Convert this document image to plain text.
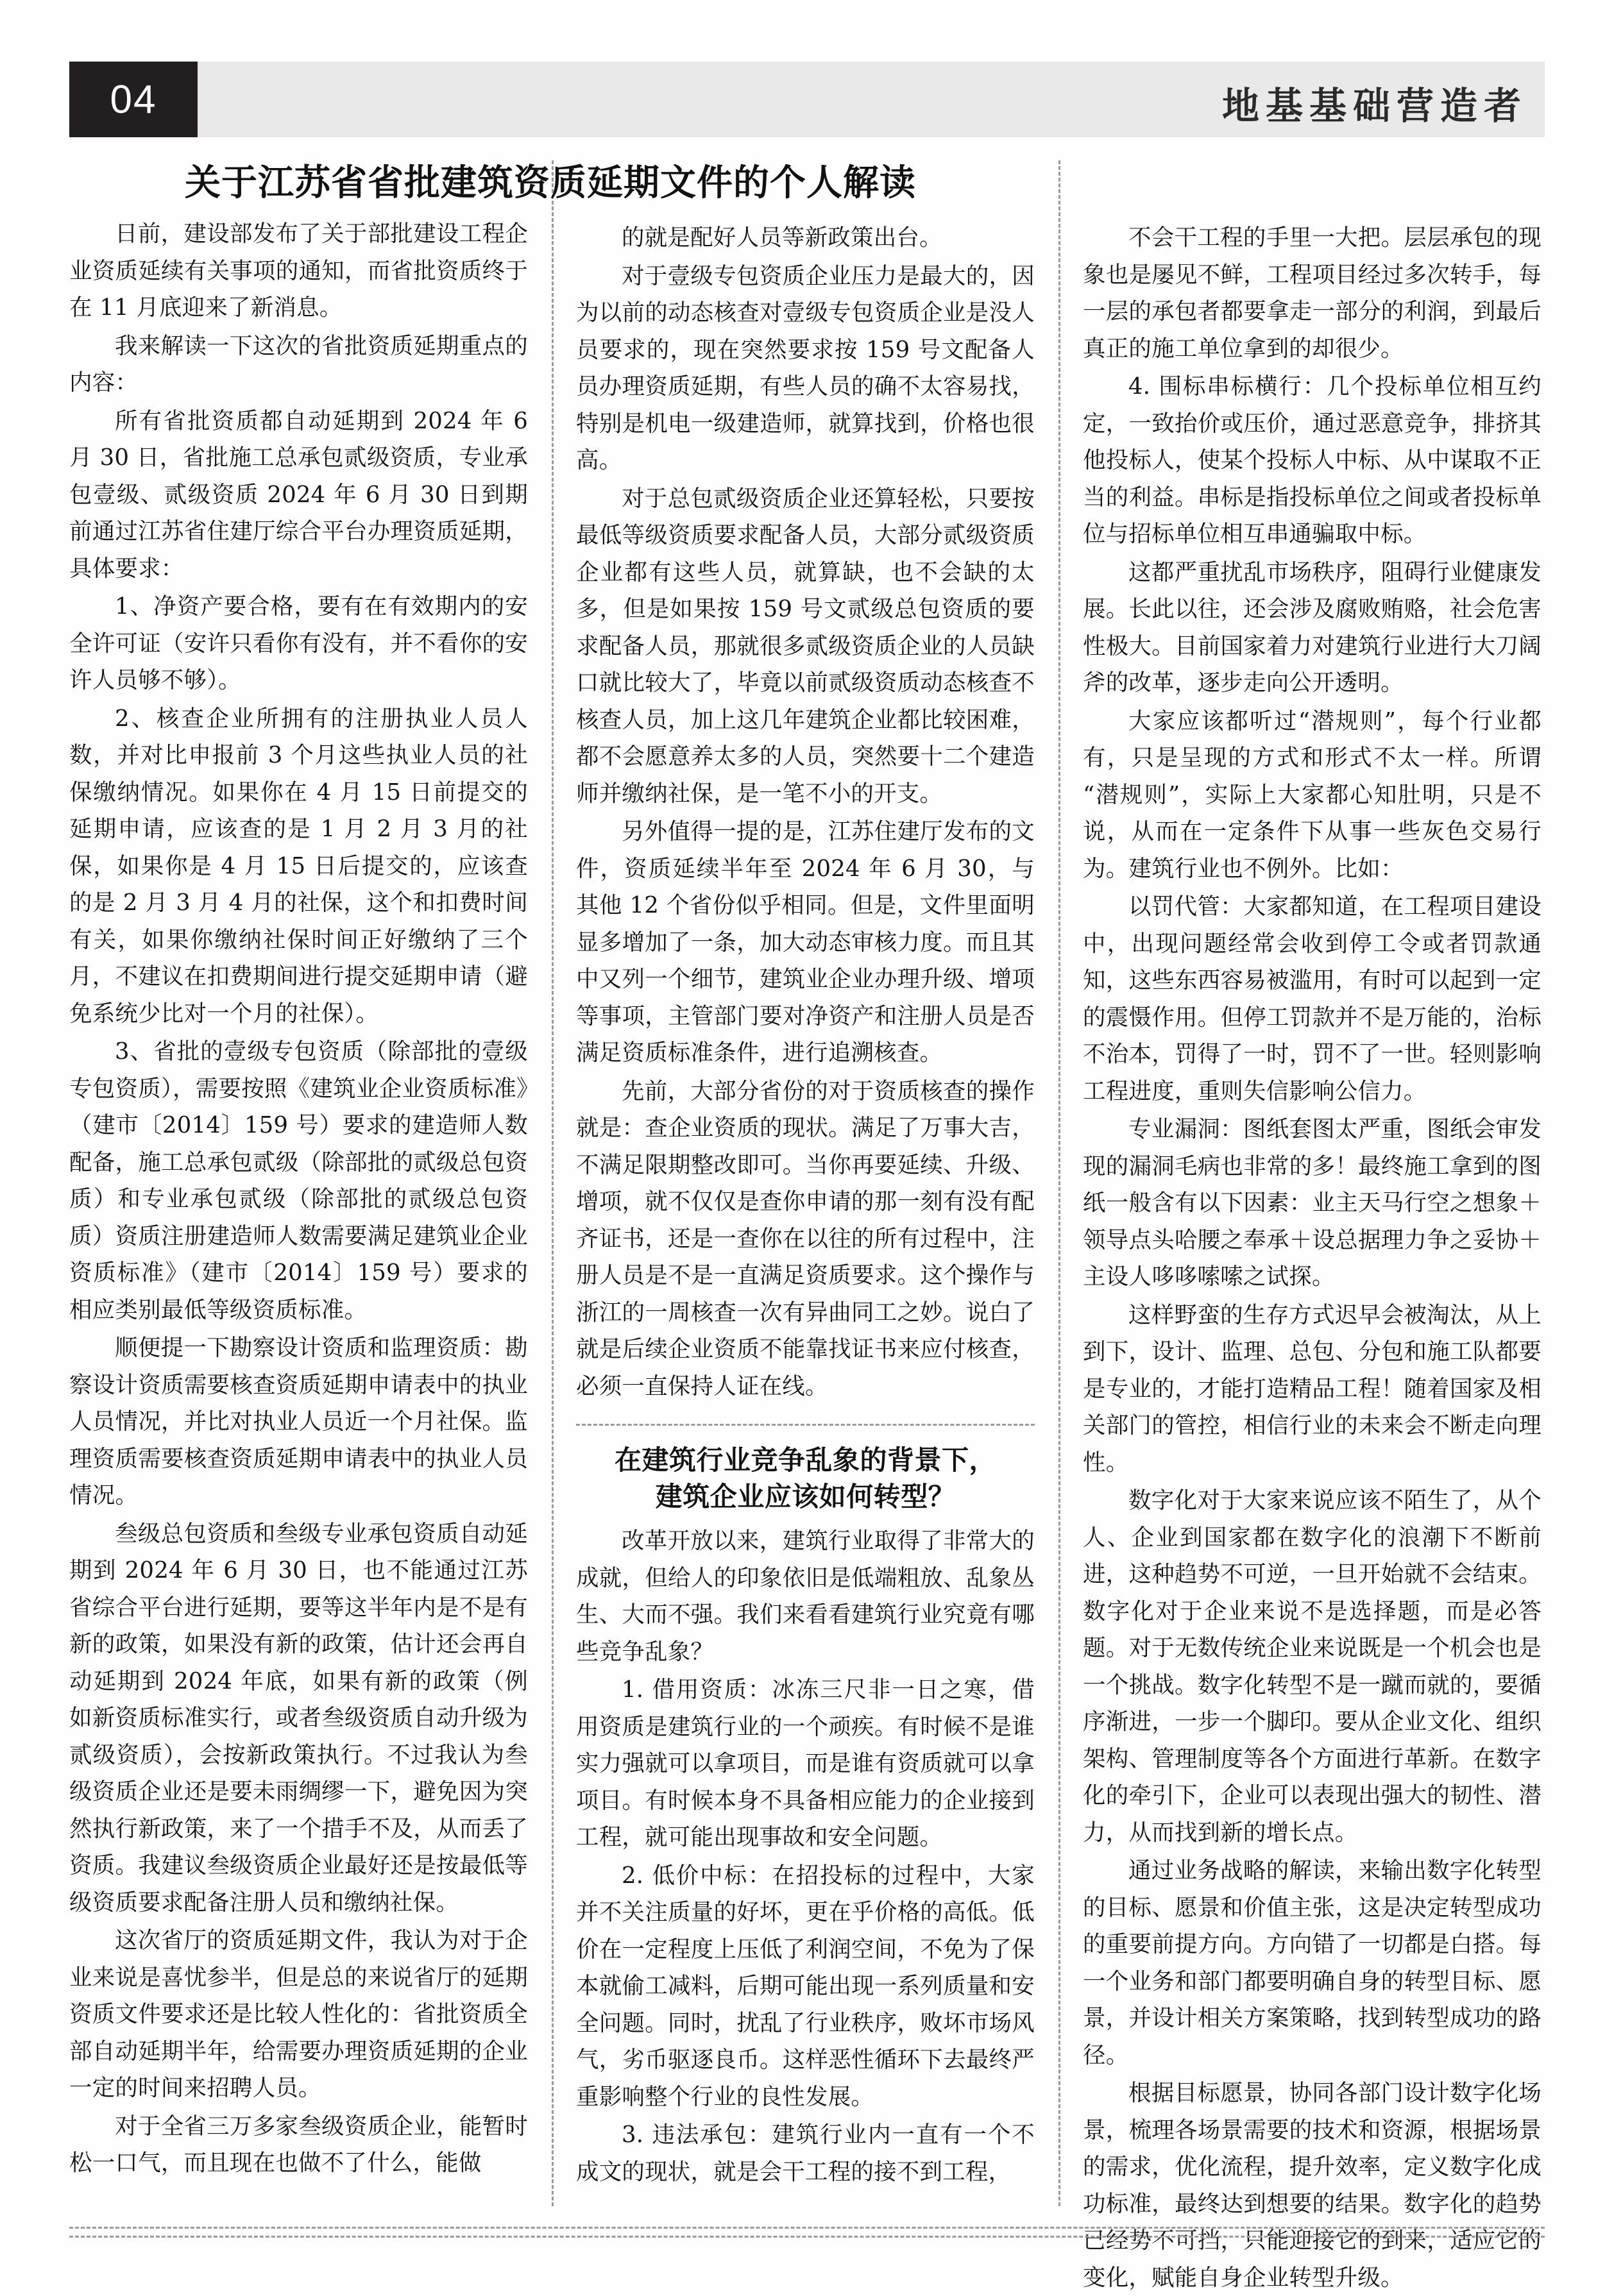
04	地基基础营造者
关于江苏省省批建筑资质延期文件的个人解读

日前，建设部发布了关于部批建设工程企业资质延续有关事项的通知，而省批资质终于在 11 月底迎来了新消息。

我来解读一下这次的省批资质延期重点的内容：

所有省批资质都自动延期到 2024 年 6 月 30 日，省批施工总承包贰级资质，专业承包壹级、贰级资质 2024 年 6 月 30 日到期前通过江苏省住建厅综合平台办理资质延期，具体要求：

1、净资产要合格，要有在有效期内的安全许可证（安许只看你有没有，并不看你的安许人员够不够）。

2、核查企业所拥有的注册执业人员人数，并对比申报前 3 个月这些执业人员的社保缴纳情况。如果你在 4 月 15 日前提交的延期申请，应该查的是 1 月 2 月 3 月的社保，如果你是 4 月 15 日后提交的，应该查的是 2 月 3 月 4 月的社保，这个和扣费时间有关，如果你缴纳社保时间正好缴纳了三个月，不建议在扣费期间进行提交延期申请（避免系统少比对一个月的社保）。

3、省批的壹级专包资质（除部批的壹级专包资质），需要按照《建筑业企业资质标准》（建市〔2014〕159 号）要求的建造师人数配备，施工总承包贰级（除部批的贰级总包资质）和专业承包贰级（除部批的贰级总包资质）资质注册建造师人数需要满足建筑业企业资质标准》（建市〔2014〕159 号）要求的相应类别最低等级资质标准。

顺便提一下勘察设计资质和监理资质：勘察设计资质需要核查资质延期申请表中的执业人员情况，并比对执业人员近一个月社保。监理资质需要核查资质延期申请表中的执业人员情况。

叁级总包资质和叁级专业承包资质自动延期到 2024 年 6 月 30 日，也不能通过江苏省综合平台进行延期，要等这半年内是不是有新的政策，如果没有新的政策，估计还会再自动延期到 2024 年底，如果有新的政策（例如新资质标准实行，或者叁级资质自动升级为贰级资质），会按新政策执行。不过我认为叁级资质企业还是要未雨绸缪一下，避免因为突然执行新政策，来了一个措手不及，从而丢了资质。我建议叁级资质企业最好还是按最低等级资质要求配备注册人员和缴纳社保。

这次省厅的资质延期文件，我认为对于企业来说是喜忧参半，但是总的来说省厅的延期资质文件要求还是比较人性化的：省批资质全部自动延期半年，给需要办理资质延期的企业一定的时间来招聘人员。

对于全省三万多家叁级资质企业，能暂时松一口气，而且现在也做不了什么，能做

的就是配好人员等新政策出台。

对于壹级专包资质企业压力是最大的，因为以前的动态核查对壹级专包资质企业是没人员要求的，现在突然要求按 159 号文配备人员办理资质延期，有些人员的确不太容易找，特别是机电一级建造师，就算找到，价格也很高。

对于总包贰级资质企业还算轻松，只要按最低等级资质要求配备人员，大部分贰级资质企业都有这些人员，就算缺，也不会缺的太多，但是如果按 159 号文贰级总包资质的要求配备人员，那就很多贰级资质企业的人员缺口就比较大了，毕竟以前贰级资质动态核查不核查人员，加上这几年建筑企业都比较困难，都不会愿意养太多的人员，突然要十二个建造师并缴纳社保，是一笔不小的开支。

另外值得一提的是，江苏住建厅发布的文件，资质延续半年至 2024 年 6 月 30，与其他 12 个省份似乎相同。但是，文件里面明显多增加了一条，加大动态审核力度。而且其中又列一个细节，建筑业企业办理升级、增项等事项，主管部门要对净资产和注册人员是否满足资质标准条件，进行追溯核查。

先前，大部分省份的对于资质核查的操作就是：查企业资质的现状。满足了万事大吉，不满足限期整改即可。当你再要延续、升级、增项，就不仅仅是查你申请的那一刻有没有配齐证书，还是一查你在以往的所有过程中，注册人员是不是一直满足资质要求。这个操作与浙江的一周核查一次有异曲同工之妙。说白了就是后续企业资质不能靠找证书来应付核查，必须一直保持人证在线。

在建筑行业竞争乱象的背景下，
建筑企业应该如何转型？

改革开放以来，建筑行业取得了非常大的成就，但给人的印象依旧是低端粗放、乱象丛生、大而不强。我们来看看建筑行业究竟有哪些竞争乱象？

1. 借用资质：冰冻三尺非一日之寒，借用资质是建筑行业的一个顽疾。有时候不是谁实力强就可以拿项目，而是谁有资质就可以拿项目。有时候本身不具备相应能力的企业接到工程，就可能出现事故和安全问题。

2. 低价中标：在招投标的过程中，大家并不关注质量的好坏，更在乎价格的高低。低价在一定程度上压低了利润空间，不免为了保本就偷工减料，后期可能出现一系列质量和安全问题。同时，扰乱了行业秩序，败坏市场风气，劣币驱逐良币。这样恶性循环下去最终严重影响整个行业的良性发展。

3. 违法承包：建筑行业内一直有一个不成文的现状，就是会干工程的接不到工程，

不会干工程的手里一大把。层层承包的现象也是屡见不鲜，工程项目经过多次转手，每一层的承包者都要拿走一部分的利润，到最后真正的施工单位拿到的却很少。

4. 围标串标横行：几个投标单位相互约定，一致抬价或压价，通过恶意竞争，排挤其他投标人，使某个投标人中标、从中谋取不正当的利益。串标是指投标单位之间或者投标单位与招标单位相互串通骗取中标。

这都严重扰乱市场秩序，阻碍行业健康发展。长此以往，还会涉及腐败贿赂，社会危害性极大。目前国家着力对建筑行业进行大刀阔斧的改革，逐步走向公开透明。

大家应该都听过“潜规则”，每个行业都有，只是呈现的方式和形式不太一样。所谓“潜规则”，实际上大家都心知肚明，只是不说，从而在一定条件下从事一些灰色交易行为。建筑行业也不例外。比如：

以罚代管：大家都知道，在工程项目建设中，出现问题经常会收到停工令或者罚款通知，这些东西容易被滥用，有时可以起到一定的震慑作用。但停工罚款并不是万能的，治标不治本，罚得了一时，罚不了一世。轻则影响工程进度，重则失信影响公信力。

专业漏洞：图纸套图太严重，图纸会审发现的漏洞毛病也非常的多！最终施工拿到的图纸一般含有以下因素：业主天马行空之想象＋领导点头哈腰之奉承＋设总据理力争之妥协＋主设人哆哆嗦嗦之试探。

这样野蛮的生存方式迟早会被淘汰，从上到下，设计、监理、总包、分包和施工队都要是专业的，才能打造精品工程！随着国家及相关部门的管控，相信行业的未来会不断走向理性。

数字化对于大家来说应该不陌生了，从个人、企业到国家都在数字化的浪潮下不断前进，这种趋势不可逆，一旦开始就不会结束。数字化对于企业来说不是选择题，而是必答题。对于无数传统企业来说既是一个机会也是一个挑战。数字化转型不是一蹴而就的，要循序渐进，一步一个脚印。要从企业文化、组织架构、管理制度等各个方面进行革新。在数字化的牵引下，企业可以表现出强大的韧性、潜力，从而找到新的增长点。

通过业务战略的解读，来输出数字化转型的目标、愿景和价值主张，这是决定转型成功的重要前提方向。方向错了一切都是白搭。每一个业务和部门都要明确自身的转型目标、愿景，并设计相关方案策略，找到转型成功的路径。

根据目标愿景，协同各部门设计数字化场景，梳理各场景需要的技术和资源，根据场景的需求，优化流程，提升效率，定义数字化成功标准，最终达到想要的结果。数字化的趋势已经势不可挡，只能迎接它的到来，适应它的变化，赋能自身企业转型升级。
